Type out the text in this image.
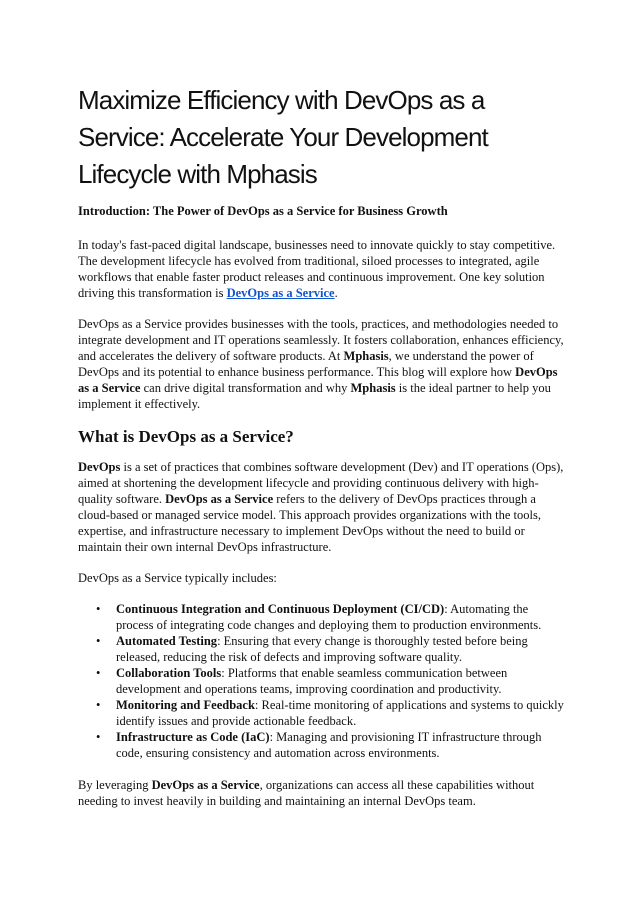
Maximize Efficiency with DevOps as a Service: Accelerate Your Development Lifecycle with Mphasis
Introduction: The Power of DevOps as a Service for Business Growth

In today's fast-paced digital landscape, businesses need to innovate quickly to stay competitive. The development lifecycle has evolved from traditional, siloed processes to integrated, agile workflows that enable faster product releases and continuous improvement. One key solution driving this transformation is DevOps as a Service.

DevOps as a Service provides businesses with the tools, practices, and methodologies needed to integrate development and IT operations seamlessly. It fosters collaboration, enhances efficiency, and accelerates the delivery of software products. At Mphasis, we understand the power of DevOps and its potential to enhance business performance. This blog will explore how DevOps as a Service can drive digital transformation and why Mphasis is the ideal partner to help you implement it effectively.

What is DevOps as a Service?

DevOps is a set of practices that combines software development (Dev) and IT operations (Ops), aimed at shortening the development lifecycle and providing continuous delivery with high-quality software. DevOps as a Service refers to the delivery of DevOps practices through a cloud-based or managed service model. This approach provides organizations with the tools, expertise, and infrastructure necessary to implement DevOps without the need to build or maintain their own internal DevOps infrastructure.

DevOps as a Service typically includes:

• Continuous Integration and Continuous Deployment (CI/CD): Automating the process of integrating code changes and deploying them to production environments.
• Automated Testing: Ensuring that every change is thoroughly tested before being released, reducing the risk of defects and improving software quality.
• Collaboration Tools: Platforms that enable seamless communication between development and operations teams, improving coordination and productivity.
• Monitoring and Feedback: Real-time monitoring of applications and systems to quickly identify issues and provide actionable feedback.
• Infrastructure as Code (IaC): Managing and provisioning IT infrastructure through code, ensuring consistency and automation across environments.

By leveraging DevOps as a Service, organizations can access all these capabilities without needing to invest heavily in building and maintaining an internal DevOps team.
